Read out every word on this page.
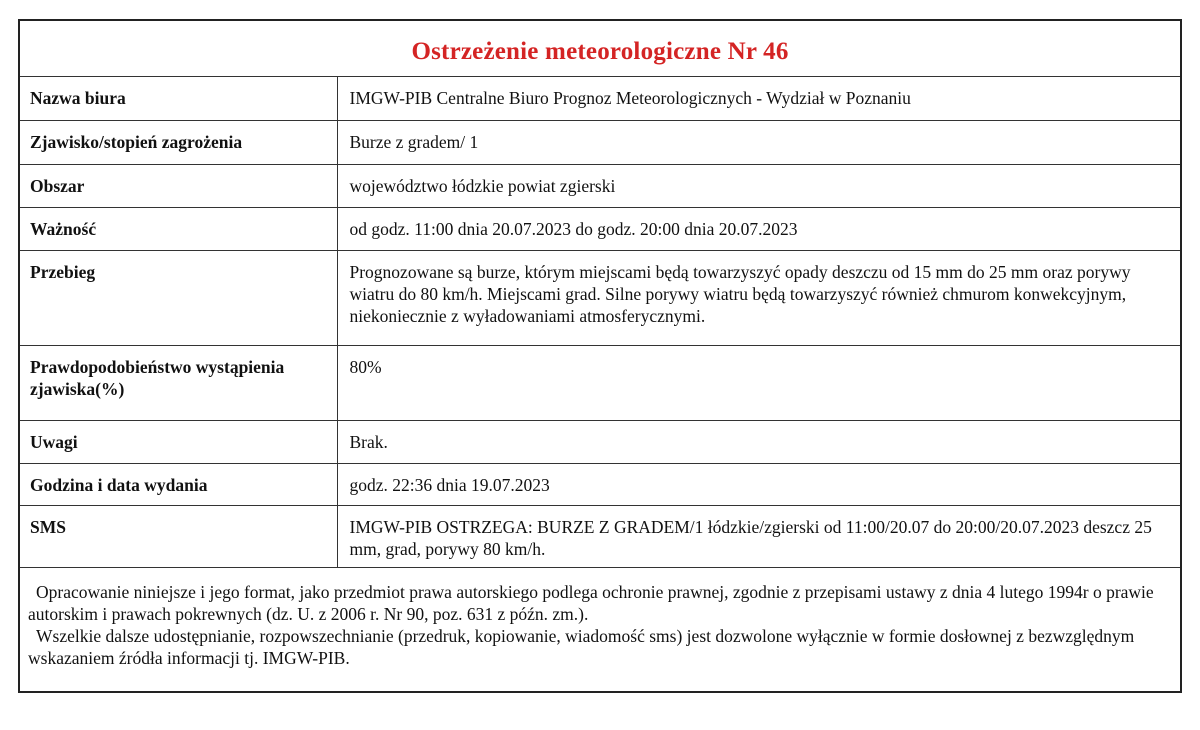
Ostrzeżenie meteorologiczne Nr 46
Nazwa biura	IMGW-PIB Centralne Biuro Prognoz Meteorologicznych - Wydział w Poznaniu
Zjawisko/stopień zagrożenia	Burze z gradem/ 1
Obszar	województwo łódzkie powiat zgierski
Ważność	od godz. 11:00 dnia 20.07.2023 do godz. 20:00 dnia 20.07.2023
Przebieg	Prognozowane są burze, którym miejscami będą towarzyszyć opady deszczu od 15 mm do 25 mm oraz porywy wiatru do 80 km/h. Miejscami grad. Silne porywy wiatru będą towarzyszyć również chmurom konwekcyjnym, niekoniecznie z wyładowaniami atmosferycznymi.
Prawdopodobieństwo wystąpienia zjawiska(%)	80%
Uwagi	Brak.
Godzina i data wydania	godz. 22:36 dnia 19.07.2023
SMS	IMGW-PIB OSTRZEGA: BURZE Z GRADEM/1 łódzkie/zgierski od 11:00/20.07 do 20:00/20.07.2023 deszcz 25 mm, grad, porywy 80 km/h.

Opracowanie niniejsze i jego format, jako przedmiot prawa autorskiego podlega ochronie prawnej, zgodnie z przepisami ustawy z dnia 4 lutego 1994r o prawie autorskim i prawach pokrewnych (dz. U. z 2006 r. Nr 90, poz. 631 z późn. zm.).

Wszelkie dalsze udostępnianie, rozpowszechnianie (przedruk, kopiowanie, wiadomość sms) jest dozwolone wyłącznie w formie dosłownej z bezwzględnym wskazaniem źródła informacji tj. IMGW-PIB.
